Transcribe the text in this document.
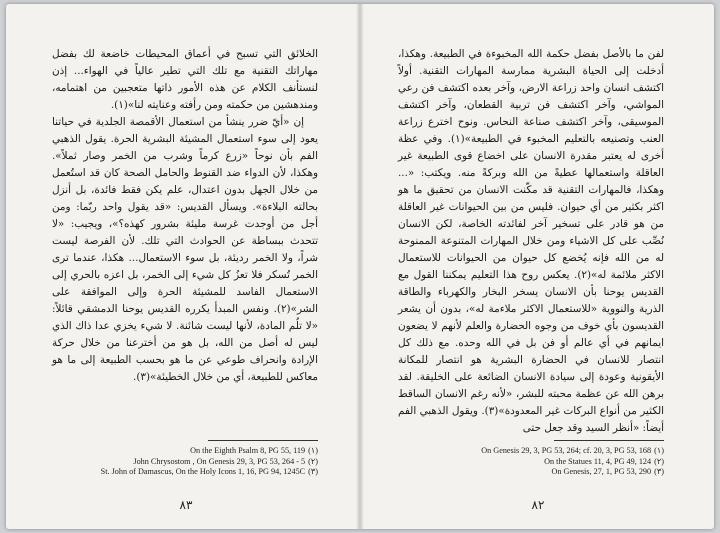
الخلائق التي تسبح في أعماق المحيطات خاضعة لك بفضل مهاراتك التقنية مع تلك التي تطير عالياً في الهواء... إذن لنستأنف الكلام عن هذه الأمور ذاتها متعجبين من اهتمامه، ومندهشين من حكمته ومن رأفته وعنايته لنا»(١).

إن «أيّ ضرر ينشأ من استعمال الأقمصة الجلدية في حياتنا يعود إلى سوء استعمال المشيئة البشرية الحرة. يقول الذهبي الفم بأن نوحاً «زرع كرماً وشرب من الخمر وصار ثملاً». وهكذا، لأن الدواء ضد القنوط والحامل الصحة كان قد استُعمل من خلال الجهل بدون اعتدال، علم يكن فقط فائدة، بل أنزل بحالته البلاءة». ويسأل القديس: «قد يقول واحد ربّما: ومن أجل من أوجدت غرسة مليئة بشرور كهذه؟»، ويجيب: «لا تتحدث ببساطة عن الحوادث التي تلك. لأن الفرصة ليست شراً، ولا الخمر رديئة، بل سوء الاستعمال... هكذا، عندما ترى الخمر تُسكر فلا تعزُ كل شيء إلى الخمر، بل اعزه بالحري إلى الاستعمال الفاسد للمشيئة الحرة وإلى الموافقة على الشر»(٢). ونفس المبدأ يكرره القديس يوحنا الدمشقي قائلاً: «لا تلُم المادة، لأنها ليست شائنة. لا شيء يخزي عدا ذاك الذي ليس له أصل من الله، بل هو من أخترعنا من خلال حركة الإرادة وانحراف طوعي عن ما هو بحسب الطبيعة إلى ما هو معاكس للطبيعة، أي من خلال الخطيئة»(٣).

On the Eighth Psalm 8, PG 55, 119 (١)
John Chrysostom , On Genesis 29, 3, PG 53, 264 - 5 (٢)
St. John of Damascus, On the Holy Icons 1, 16, PG 94, 1245C (٣)
٨٣

لفن ما بالأصل بفضل حكمة الله المخبوءة في الطبيعة. وهكذا، أدخلت إلى الحياة البشرية ممارسة المهارات التقنية. أولاً اكتشف انسان واحد زراعة الارض، وآخر بعده اكتشف فن رعي المواشي، وآخر اكتشف فن تربية القطعان، وآخر اكتشف الموسيقى، وآخر اكتشف صناعة النحاس. ونوح اخترع زراعة العنب وتصنيعه بالتعليم المخبوء في الطبيعة»(١). وفي عظة أخرى له يعتبر مقدرة الانسان على اخضاع قوى الطبيعة غير العاقلة واستعمالها عطيةً من الله وبركةً منه. ويكتب: «... وهكذا، فالمهارات التقنية قد مكّنت الانسان من تحقيق ما هو اكثر بكثير من أي حيوان. فليس من بين الحيوانات غير العاقلة من هو قادر على تسخير آخر لفائدته الخاصة، لكن الانسان نُصِّب على كل الاشياء ومن خلال المهارات المتنوعة الممنوحة له من الله فإنه يُخضع كل حيوان من الحيوانات للاستعمال الاكثر ملائمة له»(٢). يعكس روح هذا التعليم يمكننا القول مع القديس يوحنا بأن الانسان يسخر البخار والكهرباء والطاقة الذرية والنووية «للاستعمال الاكثر ملاءمة له»، بدون أن يشعر القديسون بأي خوف من وجوه الحضارة والعلم لأنهم لا يضعون ايمانهم في أي عالم أو فن بل في الله وحده. مع ذلك كل انتصار للانسان في الحضارة البشرية هو انتصار للمكانة الأيقونية وعودة إلى سيادة الانسان الضائعة على الخليقة. لقد برهن الله عن عظمة محبته للبشر، «لأنه رغم الانسان الساقط الكثير من أنواع البركات غير المعدودة»(٣). ويقول الذهبي الفم أيضاً: «أنظر السيد وقد جعل حتى

On Genesis 29, 3, PG 53, 264; cf. 20, 3, PG 53, 168 (١)
On the Statues 11, 4, PG 49, 124 (٢)
On Genesis, 27, 1, PG 53, 290 (٣)
٨٢
